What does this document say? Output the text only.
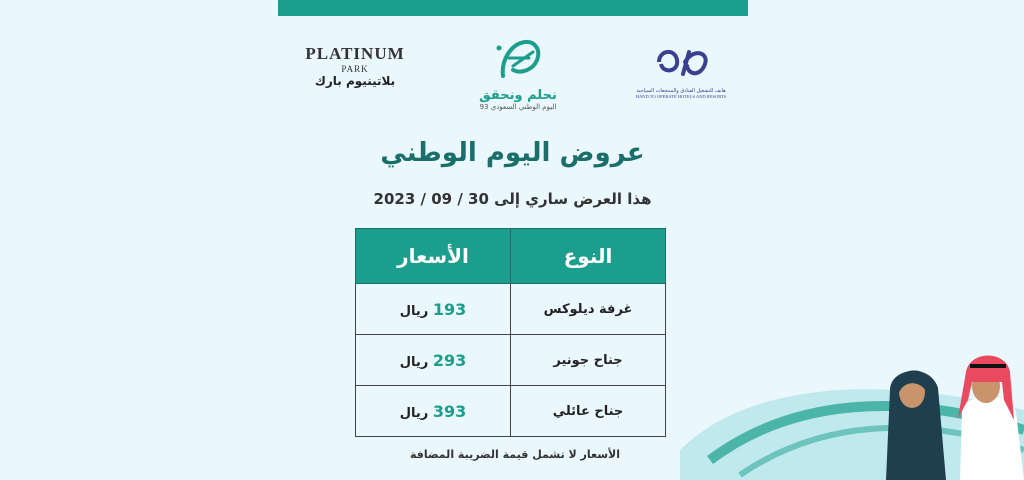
PLATINUM
PARK
بلاتينيوم بارك
نحلم ونحقق
اليوم الوطني السعودي 93
هانف للتشغيل الفنادق والمنتجعات السياحية
HAND TO OPERATE HOTELS AND RESORTS
عروض اليوم الوطني
هذا العرض ساري إلى 30 / 09 / 2023
النوع	الأسعار
غرفة ديلوكس	193 ريال
جناح جونير	293 ريال
جناح عائلي	393 ريال
الأسعار لا تشمل قيمة الضريبة المضافة
